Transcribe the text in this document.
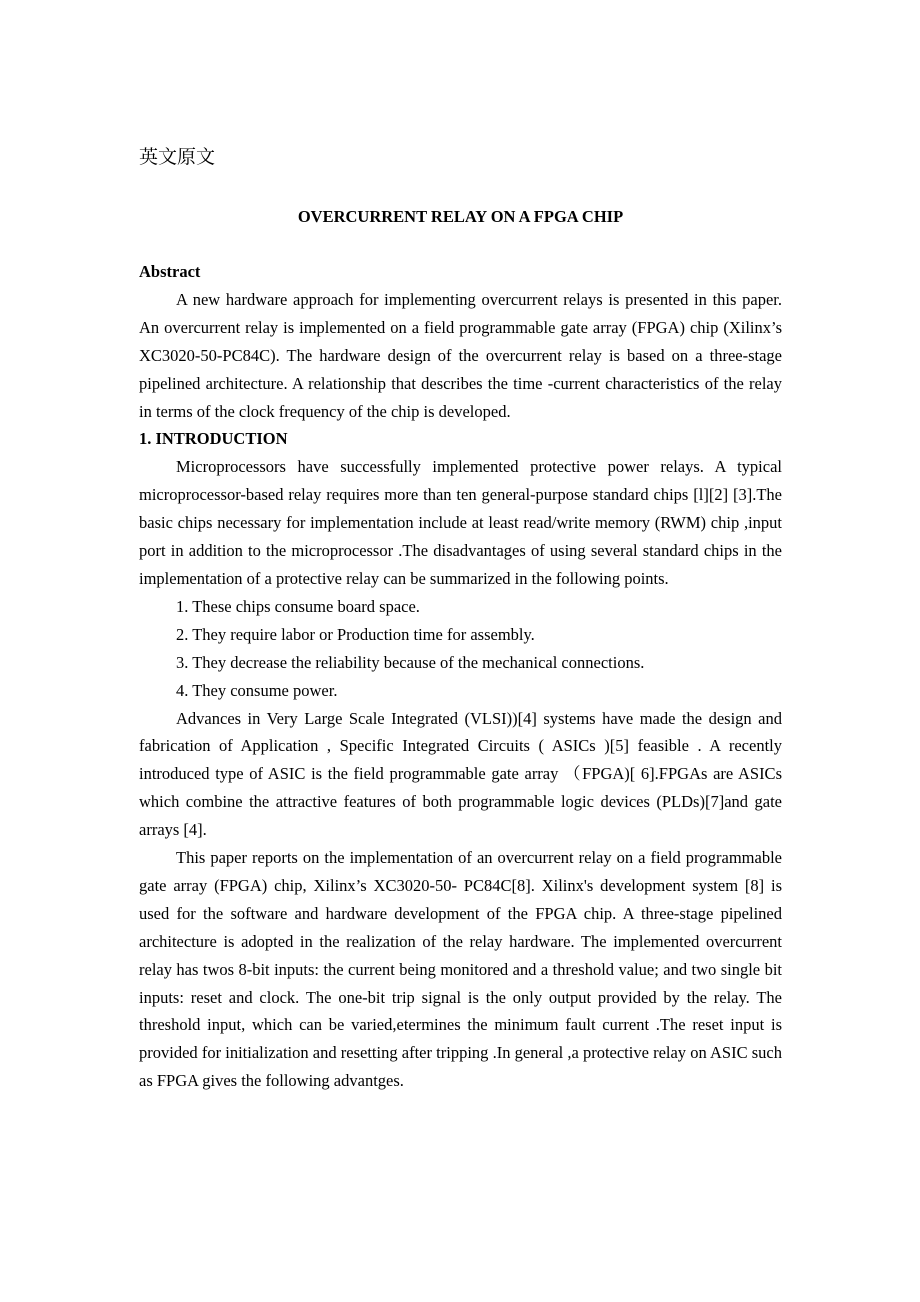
英文原文
OVERCURRENT RELAY ON A FPGA CHIP
Abstract

A new hardware approach for implementing overcurrent relays is presented in this paper. An overcurrent relay is implemented on a field programmable gate array (FPGA) chip (Xilinx’s XC3020-50-PC84C). The hardware design of the overcurrent relay is based on a three-stage pipelined architecture. A relationship that describes the time -current characteristics of the relay in terms of the clock frequency of the chip is developed.

1. INTRODUCTION

Microprocessors have successfully implemented protective power relays. A typical microprocessor-based relay requires more than ten general-purpose standard chips [l][2] [3].The basic chips necessary for implementation include at least read/write memory (RWM) chip ,input port in addition to the microprocessor .The disadvantages of using several standard chips in the implementation of a protective relay can be summarized in the following points.

1. These chips consume board space.
2. They require labor or Production time for assembly.
3. They decrease the reliability because of the mechanical connections.
4. They consume power.

Advances in Very Large Scale Integrated (VLSI))[4] systems have made the design and fabrication of Application , Specific Integrated Circuits ( ASICs )[5] feasible . A recently introduced type of ASIC is the field programmable gate array （FPGA)[ 6].FPGAs are ASICs which combine the attractive features of both programmable logic devices (PLDs)[7]and gate arrays [4].

This paper reports on the implementation of an overcurrent relay on a field programmable gate array (FPGA) chip, Xilinx’s XC3020-50- PC84C[8]. Xilinx's development system [8] is used for the software and hardware development of the FPGA chip. A three-stage pipelined architecture is adopted in the realization of the relay hardware. The implemented overcurrent relay has twos 8-bit inputs: the current being monitored and a threshold value; and two single bit inputs: reset and clock. The one-bit trip signal is the only output provided by the relay. The threshold input, which can be varied,etermines the minimum fault current .The reset input is provided for initialization and resetting after tripping .In general ,a protective relay on ASIC such as FPGA gives the following advantges.
